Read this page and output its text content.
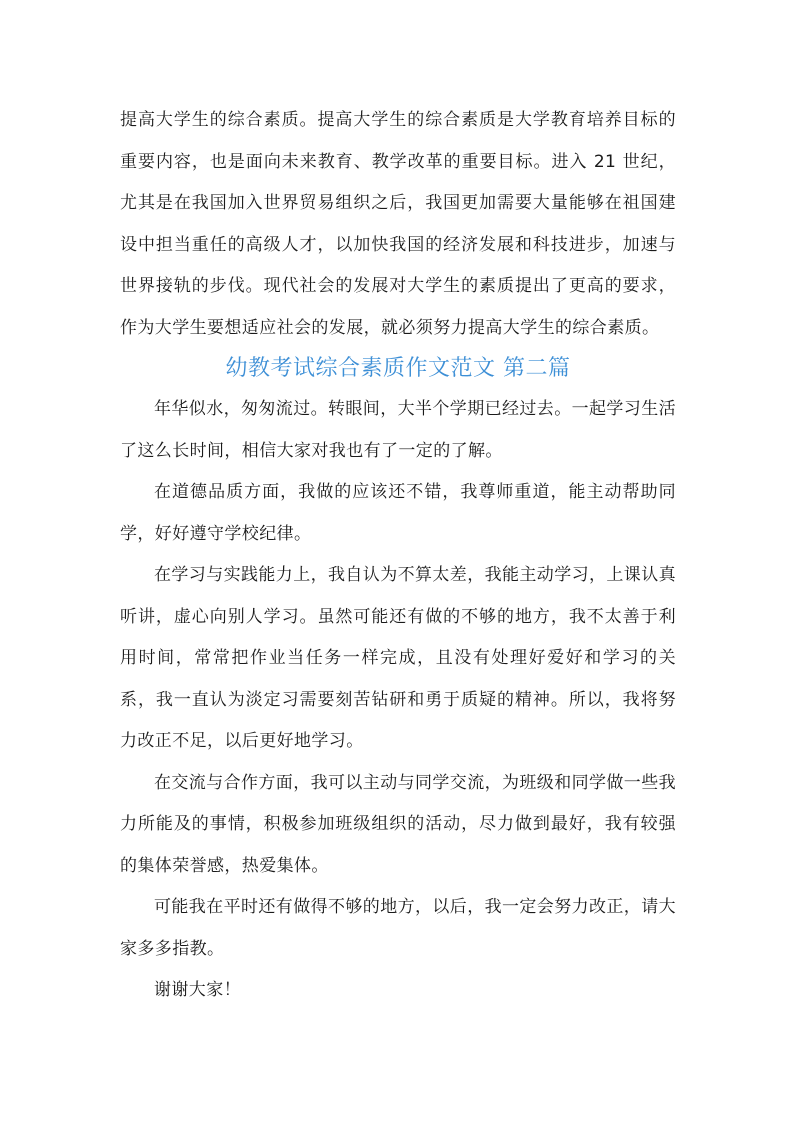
提高大学生的综合素质。提高大学生的综合素质是大学教育培养目标的重要内容，也是面向未来教育、教学改革的重要目标。进入 21 世纪，尤其是在我国加入世界贸易组织之后，我国更加需要大量能够在祖国建设中担当重任的高级人才，以加快我国的经济发展和科技进步，加速与世界接轨的步伐。现代社会的发展对大学生的素质提出了更高的要求，作为大学生要想适应社会的发展，就必须努力提高大学生的综合素质。

幼教考试综合素质作文范文 第二篇

年华似水，匆匆流过。转眼间，大半个学期已经过去。一起学习生活了这么长时间，相信大家对我也有了一定的了解。

在道德品质方面，我做的应该还不错，我尊师重道，能主动帮助同学，好好遵守学校纪律。

在学习与实践能力上，我自认为不算太差，我能主动学习，上课认真听讲，虚心向别人学习。虽然可能还有做的不够的地方，我不太善于利用时间，常常把作业当任务一样完成，且没有处理好爱好和学习的关系，我一直认为淡定习需要刻苦钻研和勇于质疑的精神。所以，我将努力改正不足，以后更好地学习。

在交流与合作方面，我可以主动与同学交流，为班级和同学做一些我力所能及的事情，积极参加班级组织的活动，尽力做到最好，我有较强的集体荣誉感，热爱集体。

可能我在平时还有做得不够的地方，以后，我一定会努力改正，请大家多多指教。

谢谢大家！
